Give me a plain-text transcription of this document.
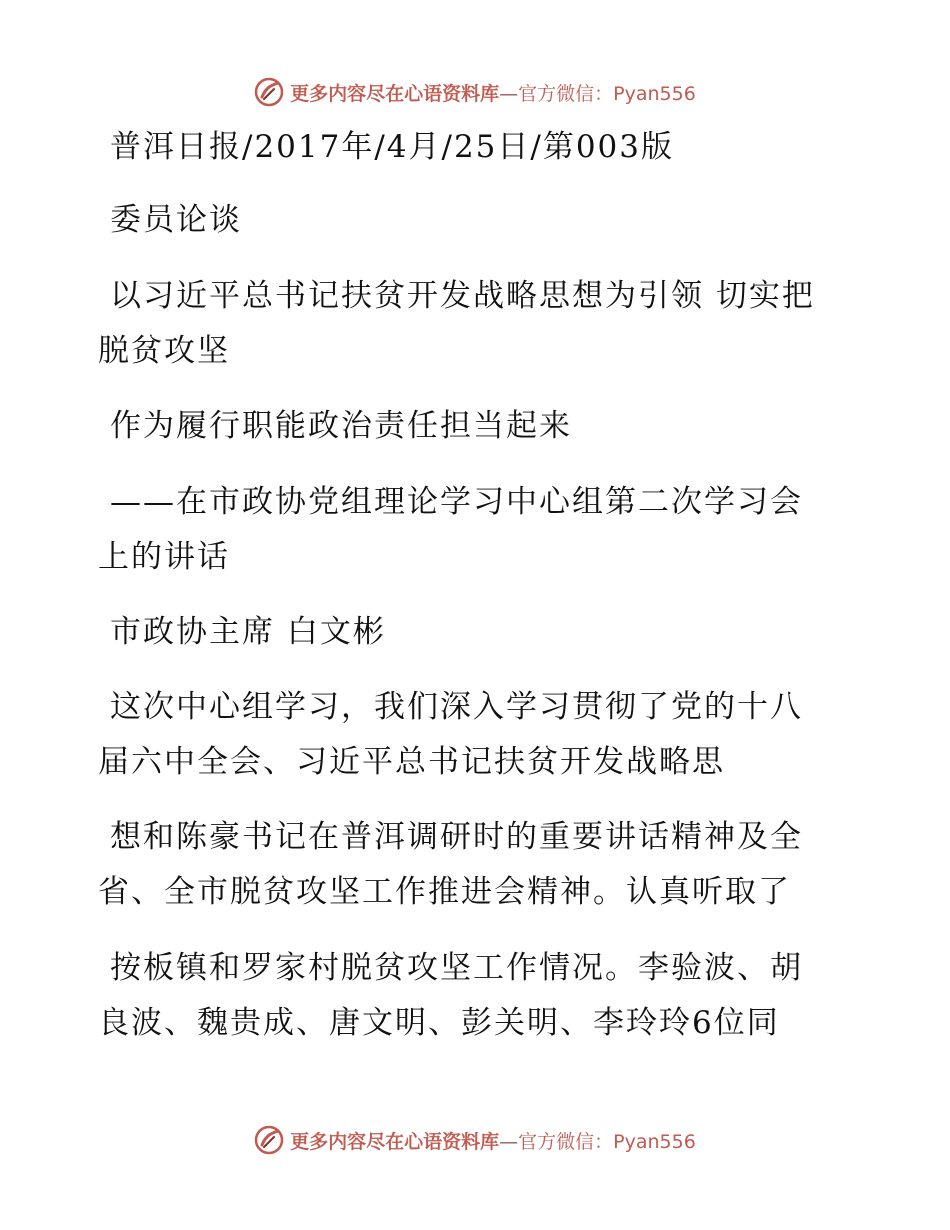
更多内容尽在心语资料库—官方微信：Pyan556
普洱日报/2017年/4月/25日/第003版
委员论谈
以习近平总书记扶贫开发战略思想为引领 切实把
脱贫攻坚
作为履行职能政治责任担当起来
——在市政协党组理论学习中心组第二次学习会
上的讲话
市政协主席 白文彬
这次中心组学习，我们深入学习贯彻了党的十八
届六中全会、习近平总书记扶贫开发战略思
想和陈豪书记在普洱调研时的重要讲话精神及全
省、全市脱贫攻坚工作推进会精神。认真听取了
按板镇和罗家村脱贫攻坚工作情况。李验波、胡
良波、魏贵成、唐文明、彭关明、李玲玲6位同
更多内容尽在心语资料库—官方微信：Pyan556
